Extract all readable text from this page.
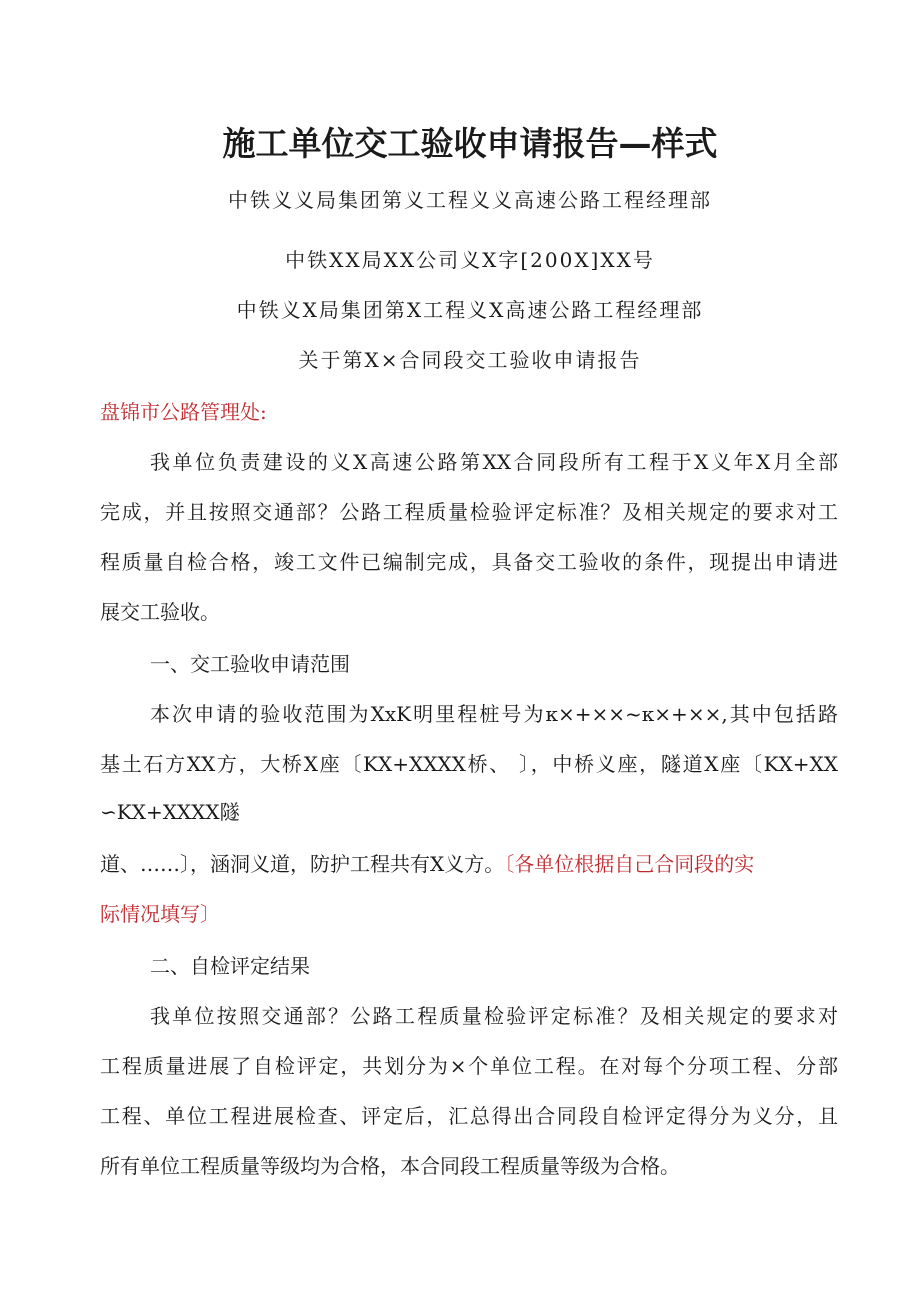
施工单位交工验收申请报告—样式
中铁义义局集团第义工程义义高速公路工程经理部
中铁XX局XX公司义X字[200X]XX号
中铁义X局集团第X工程义X高速公路工程经理部
关于第X×合同段交工验收申请报告
盘锦市公路管理处:
我单位负责建设的义X高速公路第XX合同段所有工程于X义年X月全部
完成，并且按照交通部？公路工程质量检验评定标准？及相关规定的要求对工
程质量自检合格，竣工文件已编制完成，具备交工验收的条件，现提出申请进
展交工验收。
一、交工验收申请范围
本次申请的验收范围为XxK明里程桩号为κ×+××~κ×+××,其中包括路
基土石方XX方，大桥X座〔KX+XXXX桥、 〕，中桥义座，隧道X座〔KX+XX
∽KX+XXXX隧
道、……〕，涵洞义道，防护工程共有X义方。〔各单位根据自己合同段的实
际情况填写〕
二、自检评定结果
我单位按照交通部？公路工程质量检验评定标准？及相关规定的要求对
工程质量进展了自检评定，共划分为×个单位工程。在对每个分项工程、分部
工程、单位工程进展检查、评定后，汇总得出合同段自检评定得分为义分，且
所有单位工程质量等级均为合格，本合同段工程质量等级为合格。
